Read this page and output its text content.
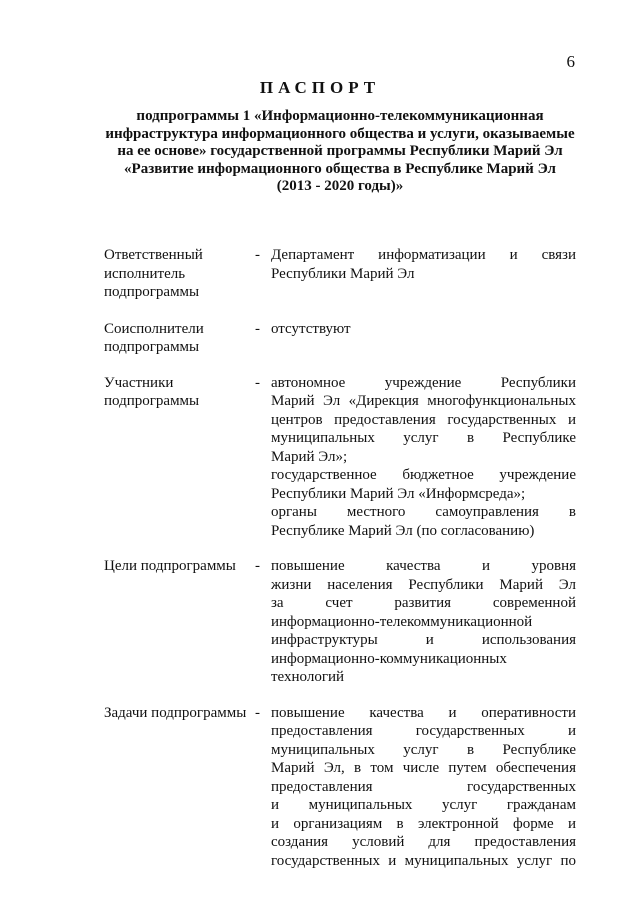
6
ПАСПОРТ
подпрограммы 1 «Информационно-телекоммуникационная
инфраструктура информационного общества и услуги, оказываемые
на ее основе» государственной программы Республики Марий Эл
«Развитие информационного общества в Республике Марий Эл
(2013 - 2020 годы)»
Ответственный
исполнитель
подпрограммы
- Департамент информатизации и связи
Республики Марий Эл
Соисполнители
подпрограммы
- отсутствуют
Участники
подпрограммы
- автономное учреждение Республики
Марий Эл «Дирекция многофункциональных
центров предоставления государственных и
муниципальных услуг в Республике
Марий Эл»;
государственное бюджетное учреждение
Республики Марий Эл «Информсреда»;
органы местного самоуправления в
Республике Марий Эл (по согласованию)
Цели подпрограммы	- повышение качества и уровня
жизни населения Республики Марий Эл
за счет развития современной
информационно-телекоммуникационной
инфраструктуры и использования
информационно-коммуникационных
технологий
Задачи подпрограммы - повышение качества и оперативности
предоставления государственных и
муниципальных услуг в Республике
Марий Эл, в том числе путем обеспечения
предоставления государственных
и муниципальных услуг гражданам
и организациям в электронной форме и
создания условий для предоставления
государственных и муниципальных услуг по
